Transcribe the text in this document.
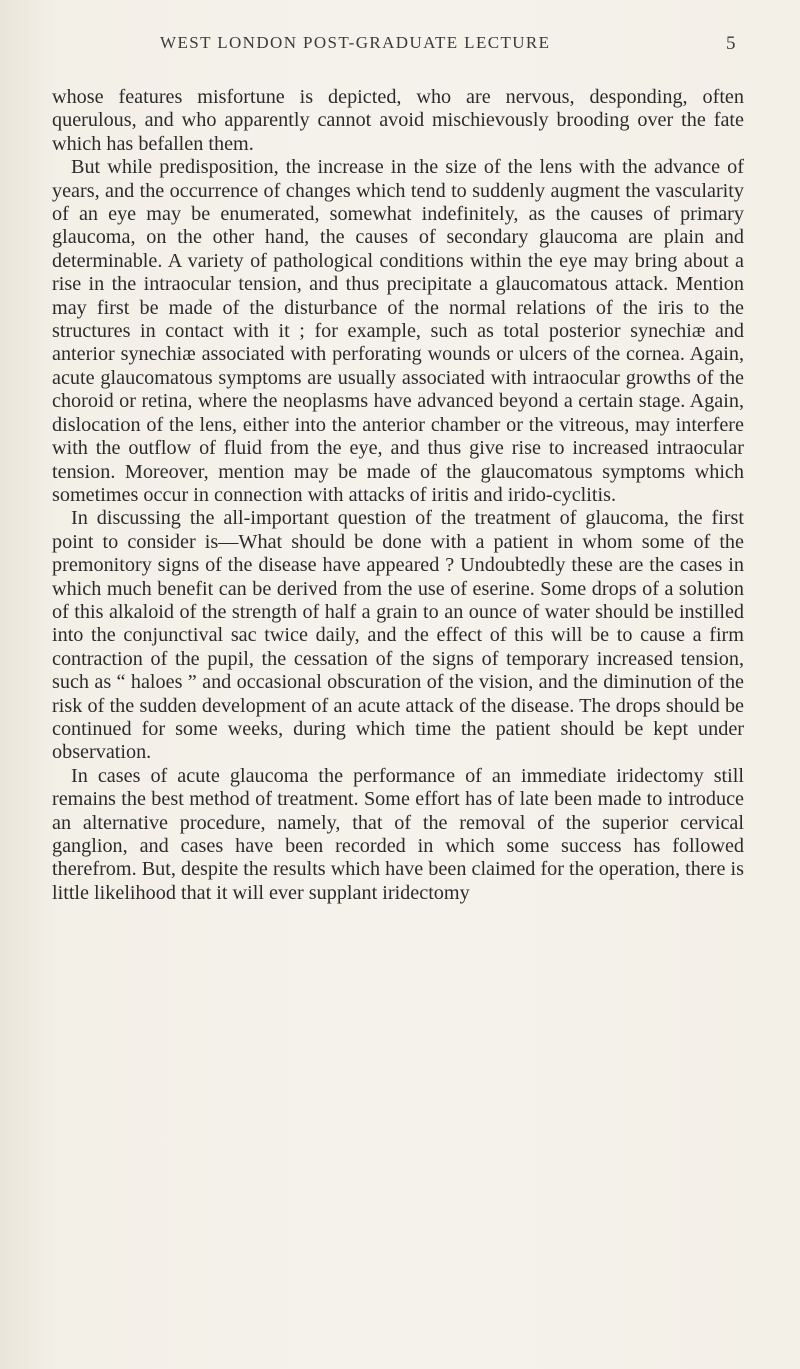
WEST LONDON POST-GRADUATE LECTURE	5

whose features misfortune is depicted, who are nervous, desponding, often querulous, and who apparently cannot avoid mischievously brooding over the fate which has befallen them.

But while predisposition, the increase in the size of the lens with the advance of years, and the occurrence of changes which tend to suddenly augment the vascularity of an eye may be enumerated, somewhat indefinitely, as the causes of primary glaucoma, on the other hand, the causes of secondary glaucoma are plain and determinable. A variety of pathological conditions within the eye may bring about a rise in the intraocular tension, and thus precipitate a glaucomatous attack. Mention may first be made of the disturbance of the normal relations of the iris to the structures in contact with it ; for example, such as total posterior synechiæ and anterior synechiæ associated with perforating wounds or ulcers of the cornea. Again, acute glaucomatous symptoms are usually associated with intraocular growths of the choroid or retina, where the neoplasms have advanced beyond a certain stage. Again, dislocation of the lens, either into the anterior chamber or the vitreous, may interfere with the outflow of fluid from the eye, and thus give rise to increased intraocular tension. Moreover, mention may be made of the glaucomatous symptoms which sometimes occur in connection with attacks of iritis and irido-cyclitis.

In discussing the all-important question of the treatment of glaucoma, the first point to consider is—What should be done with a patient in whom some of the premonitory signs of the disease have appeared ? Undoubtedly these are the cases in which much benefit can be derived from the use of eserine. Some drops of a solution of this alkaloid of the strength of half a grain to an ounce of water should be instilled into the conjunctival sac twice daily, and the effect of this will be to cause a firm contraction of the pupil, the cessation of the signs of temporary increased tension, such as “ haloes ” and occasional obscuration of the vision, and the diminution of the risk of the sudden development of an acute attack of the disease. The drops should be continued for some weeks, during which time the patient should be kept under observation.

In cases of acute glaucoma the performance of an immediate iridectomy still remains the best method of treatment. Some effort has of late been made to introduce an alternative procedure, namely, that of the removal of the superior cervical ganglion, and cases have been recorded in which some success has followed therefrom. But, despite the results which have been claimed for the operation, there is little likelihood that it will ever supplant iridectomy
